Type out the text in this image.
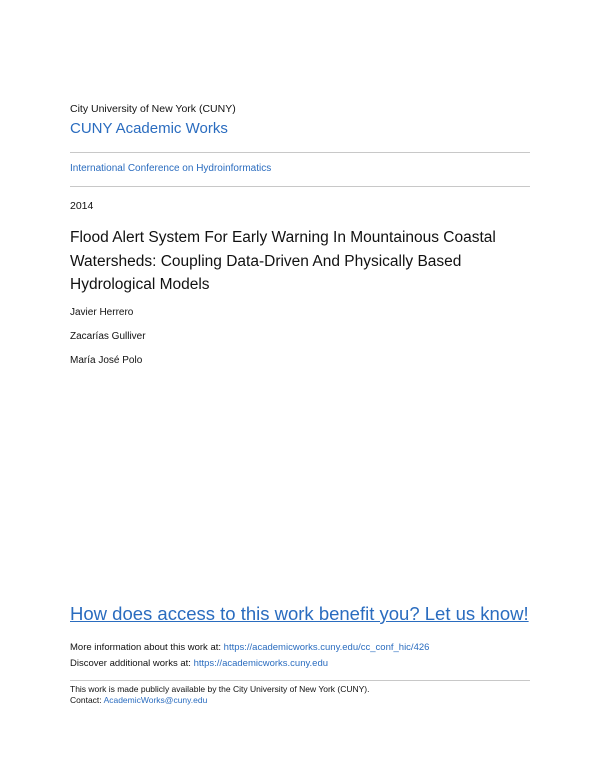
City University of New York (CUNY)
CUNY Academic Works
International Conference on Hydroinformatics
2014
Flood Alert System For Early Warning In Mountainous Coastal Watersheds: Coupling Data-Driven And Physically Based Hydrological Models
Javier Herrero
Zacarías Gulliver
María José Polo
How does access to this work benefit you? Let us know!
More information about this work at: https://academicworks.cuny.edu/cc_conf_hic/426
Discover additional works at: https://academicworks.cuny.edu
This work is made publicly available by the City University of New York (CUNY).
Contact: AcademicWorks@cuny.edu
